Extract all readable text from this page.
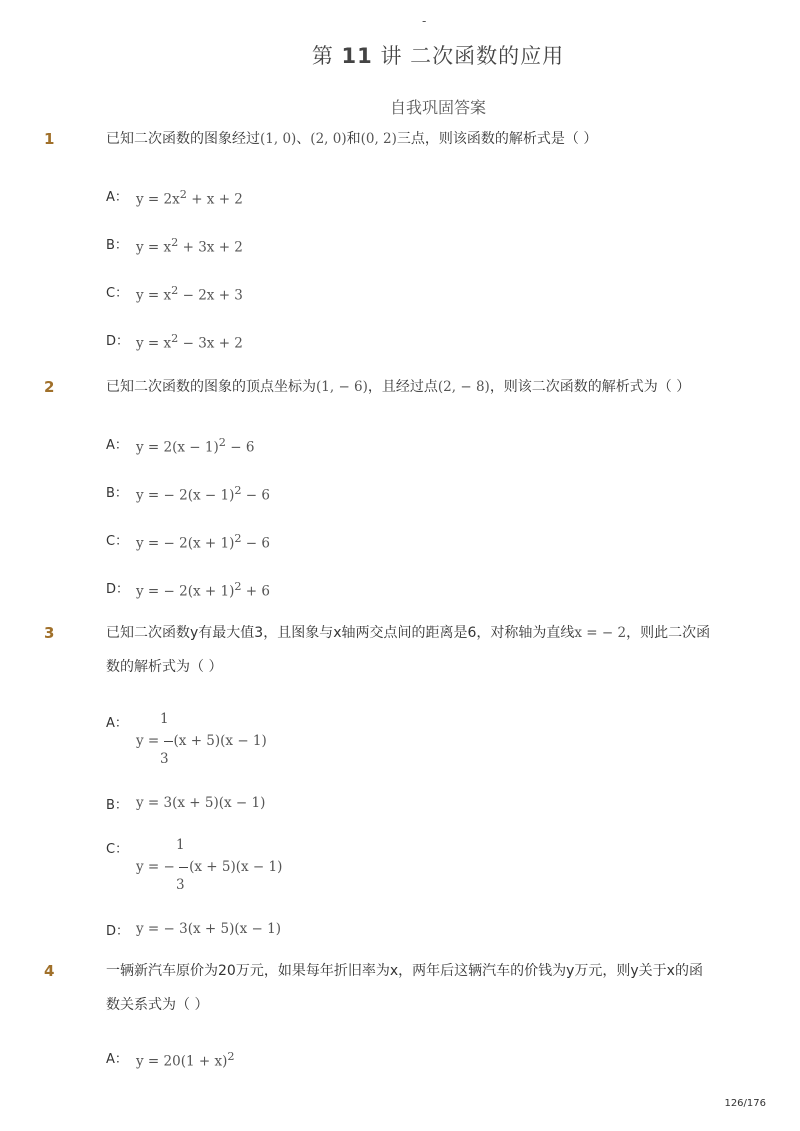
-
第 11 讲 二次函数的应用
自我巩固答案
1	已知二次函数的图象经过(1, 0)、(2, 0)和(0, 2)三点，则该函数的解析式是（ ）
A： $y = 2x^2 + x + 2$
B： $y = x^2 + 3x + 2$
C： $y = x^2 - 2x + 3$
D： $y = x^2 - 3x + 2$
2	已知二次函数的图象的顶点坐标为(1, − 6)，且经过点(2, − 8)，则该二次函数的解析式为（ ）
A： $y = 2(x - 1)^2 - 6$
B： y = − $2(x - 1)^2 - 6$
C： y = − $2(x + 1)^2 - 6$
D： y = − $2(x + 1)^2 + 6$
3	已知二次函数y有最大值3，且图象与x轴两交点间的距离是6，对称轴为直线x = − 2，则此二次函
数的解析式为（ ）
A： 1
y = (x + 5)(x − 1)
3
B： y = 3(x + 5)(x − 1)
C：	1
y = − (x + 5)(x − 1)
3
D： y = − 3(x + 5)(x − 1)
4	一辆新汽车原价为20万元，如果每年折旧率为x，两年后这辆汽车的价钱为y万元，则y关于x的函
数关系式为（ ）
A： $y = 20(1 + x)^2$
126/176
